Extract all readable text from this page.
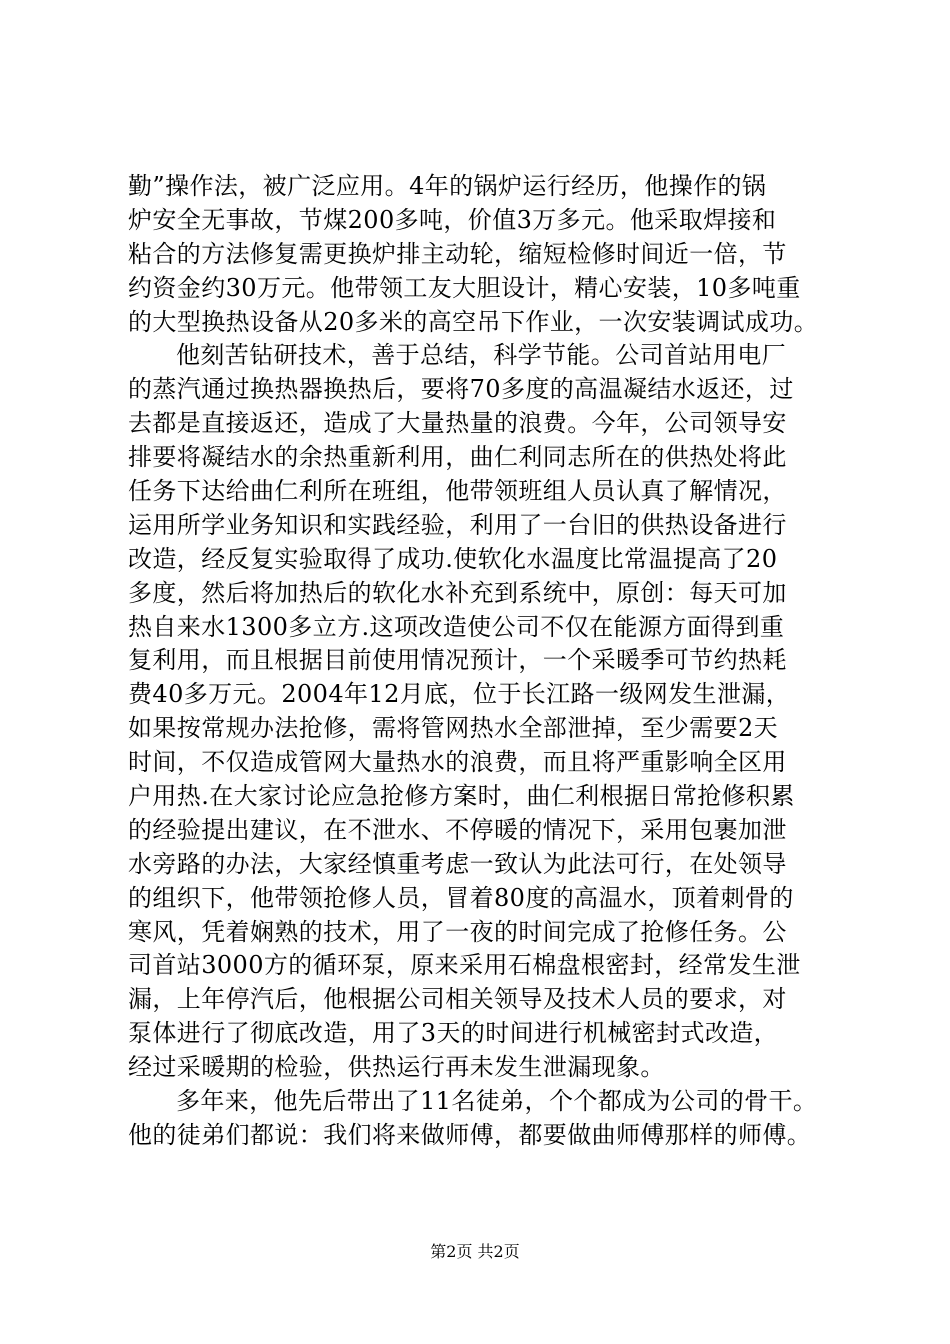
勤”操作法，被广泛应用。4年的锅炉运行经历，他操作的锅
炉安全无事故，节煤200多吨，价值3万多元。他采取焊接和
粘合的方法修复需更换炉排主动轮，缩短检修时间近一倍，节
约资金约30万元。他带领工友大胆设计，精心安装，10多吨重
的大型换热设备从20多米的高空吊下作业，一次安装调试成功。
他刻苦钻研技术，善于总结，科学节能。公司首站用电厂
的蒸汽通过换热器换热后，要将70多度的高温凝结水返还，过
去都是直接返还，造成了大量热量的浪费。今年，公司领导安
排要将凝结水的余热重新利用，曲仁利同志所在的供热处将此
任务下达给曲仁利所在班组，他带领班组人员认真了解情况，
运用所学业务知识和实践经验，利用了一台旧的供热设备进行
改造，经反复实验取得了成功.使软化水温度比常温提高了20
多度，然后将加热后的软化水补充到系统中，原创：每天可加
热自来水1300多立方.这项改造使公司不仅在能源方面得到重
复利用，而且根据目前使用情况预计，一个采暖季可节约热耗
费40多万元。2004年12月底，位于长江路一级网发生泄漏，
如果按常规办法抢修，需将管网热水全部泄掉，至少需要2天
时间，不仅造成管网大量热水的浪费，而且将严重影响全区用
户用热.在大家讨论应急抢修方案时，曲仁利根据日常抢修积累
的经验提出建议，在不泄水、不停暖的情况下，采用包裹加泄
水旁路的办法，大家经慎重考虑一致认为此法可行，在处领导
的组织下，他带领抢修人员，冒着80度的高温水，顶着刺骨的
寒风，凭着娴熟的技术，用了一夜的时间完成了抢修任务。公
司首站3000方的循环泵，原来采用石棉盘根密封，经常发生泄
漏，上年停汽后，他根据公司相关领导及技术人员的要求，对
泵体进行了彻底改造，用了3天的时间进行机械密封式改造，
经过采暖期的检验，供热运行再未发生泄漏现象。
多年来，他先后带出了11名徒弟，个个都成为公司的骨干。
他的徒弟们都说：我们将来做师傅，都要做曲师傅那样的师傅。
第2页 共2页
